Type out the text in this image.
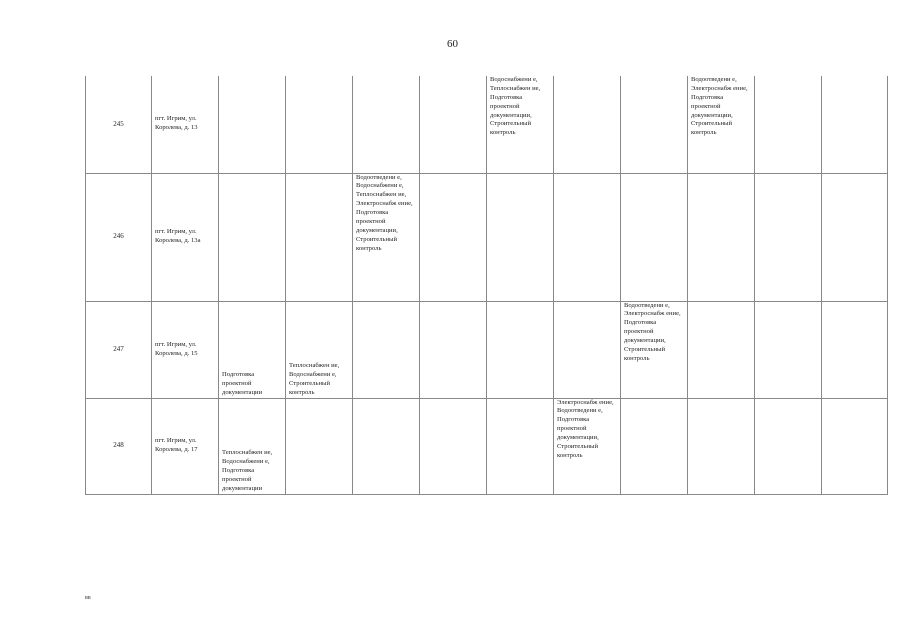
60
245	пгт. Игрим, ул. Королева, д. 13					Водоснабжени е, Теплоснабжен ие, Подготовка проектной документации, Строительный контроль			Водоотведени е, Электроснабж ение, Подготовка проектной документации, Строительный контроль		
246	пгт. Игрим, ул. Королева, д. 13а			Водоотведени е, Водоснабжени е, Теплоснабжен ие, Электроснабж ение, Подготовка проектной документации, Строительный контроль							
247	пгт. Игрим, ул. Королева, д. 15	Подготовка проектной документации	Теплоснабжен ие, Водоснабжени е, Строительный контроль					Водоотведени е, Электроснабж ение, Подготовка проектной документации, Строительный контроль			
248	пгт. Игрим, ул. Королева, д. 17	Теплоснабжен ие, Водоснабжени е, Подготовка проектной документации					Электроснабж ение, Водоотведени е, Подготовка проектной документации, Строительный контроль				
вв
